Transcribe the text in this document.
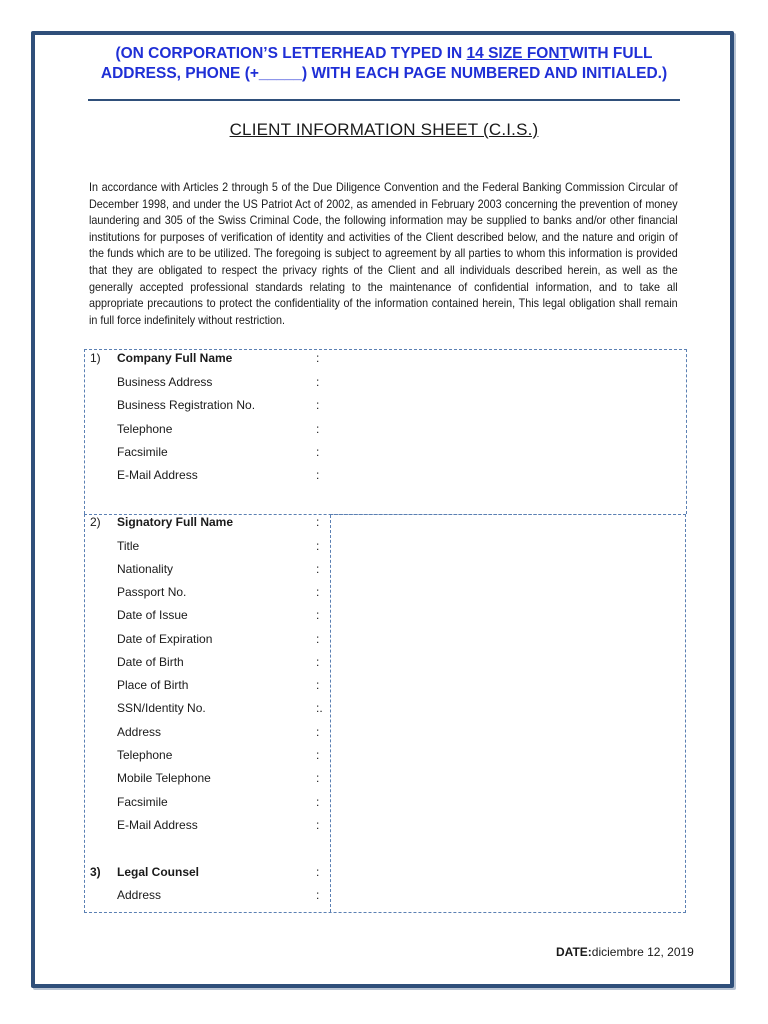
(ON CORPORATION’S LETTERHEAD TYPED IN 14 SIZE FONTWITH FULL
ADDRESS, PHONE (+_____) WITH EACH PAGE NUMBERED AND INITIALED.)
CLIENT INFORMATION SHEET (C.I.S.)
In accordance with Articles 2 through 5 of the Due Diligence Convention and the Federal Banking Commission Circular of December 1998, and under the US Patriot Act of 2002, as amended in February 2003 concerning the prevention of money laundering and 305 of the Swiss Criminal Code, the following information may be supplied to banks and/or other financial institutions for purposes of verification of identity and activities of the Client described below, and the nature and origin of the funds which are to be utilized. The foregoing is subject to agreement by all parties to whom this information is provided that they are obligated to respect the privacy rights of the Client and all individuals described herein, as well as the generally accepted professional standards relating to the maintenance of confidential information, and to take all appropriate precautions to protect the confidentiality of the information contained herein, This legal obligation shall remain in full force indefinitely without restriction.
1) Company Full Name	:
Business Address	:
Business Registration No.	:
Telephone	:
Facsimile	:
E-Mail Address	:
2) Signatory Full Name	:
Title	:
Nationality	:
Passport No.	:
Date of Issue	:
Date of Expiration	:
Date of Birth	:
Place of Birth	:
SSN/Identity No.	:.
Address	:
Telephone	:
Mobile Telephone	:
Facsimile	:
E-Mail Address	:
3) Legal Counsel	:
Address	:
DATE:diciembre 12, 2019
